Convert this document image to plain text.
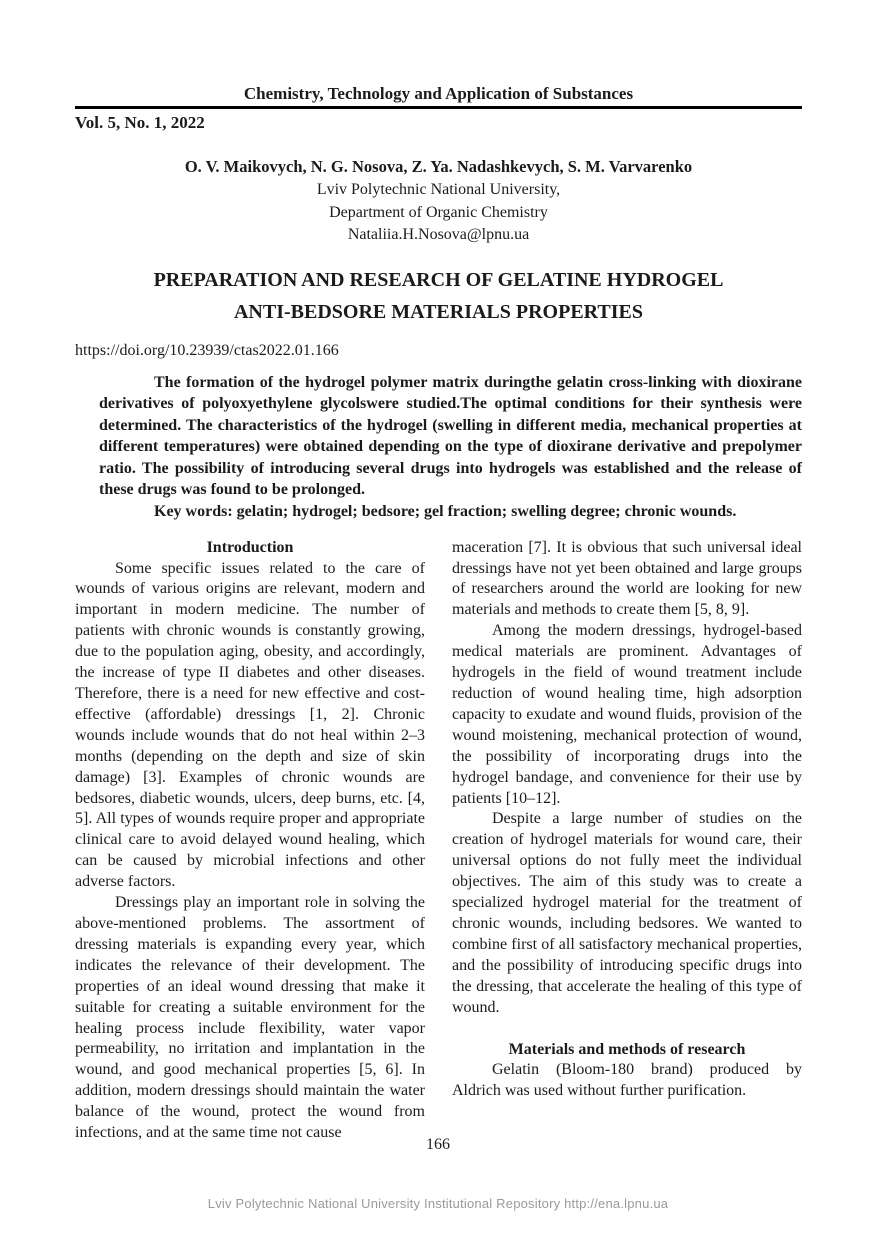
Chemistry, Technology and Application of Substances
Vol. 5, No. 1, 2022
O. V. Maikovych, N. G. Nosova, Z. Ya. Nadashkevych, S. M. Varvarenko
Lviv Polytechnic National University,
Department of Organic Chemistry
Nataliia.H.Nosova@lpnu.ua
PREPARATION AND RESEARCH OF GELATINE HYDROGEL
ANTI-BEDSORE MATERIALS PROPERTIES
https://doi.org/10.23939/ctas2022.01.166

The formation of the hydrogel polymer matrix duringthe gelatin cross-linking with dioxirane derivatives of polyoxyethylene glycolswere studied.The optimal conditions for their synthesis were determined. The characteristics of the hydrogel (swelling in different media, mechanical properties at different temperatures) were obtained depending on the type of dioxirane derivative and prepolymer ratio. The possibility of introducing several drugs into hydrogels was established and the release of these drugs was found to be prolonged.

Key words: gelatin; hydrogel; bedsore; gel fraction; swelling degree; chronic wounds.

Introduction

Some specific issues related to the care of wounds of various origins are relevant, modern and important in modern medicine. The number of patients with chronic wounds is constantly growing, due to the population aging, obesity, and accordingly, the increase of type II diabetes and other diseases. Therefore, there is a need for new effective and cost-effective (affordable) dressings [1, 2]. Chronic wounds include wounds that do not heal within 2–3 months (depending on the depth and size of skin damage) [3]. Examples of chronic wounds are bedsores, diabetic wounds, ulcers, deep burns, etc. [4, 5]. All types of wounds require proper and appropriate clinical care to avoid delayed wound healing, which can be caused by microbial infections and other adverse factors.

Dressings play an important role in solving the above-mentioned problems. The assortment of dressing materials is expanding every year, which indicates the relevance of their development. The properties of an ideal wound dressing that make it suitable for creating a suitable environment for the healing process include flexibility, water vapor permeability, no irritation and implantation in the wound, and good mechanical properties [5, 6]. In addition, modern dressings should maintain the water balance of the wound, protect the wound from infections, and at the same time not cause

maceration [7]. It is obvious that such universal ideal dressings have not yet been obtained and large groups of researchers around the world are looking for new materials and methods to create them [5, 8, 9].

Among the modern dressings, hydrogel-based medical materials are prominent. Advantages of hydrogels in the field of wound treatment include reduction of wound healing time, high adsorption capacity to exudate and wound fluids, provision of the wound moistening, mechanical protection of wound, the possibility of incorporating drugs into the hydrogel bandage, and convenience for their use by patients [10–12].

Despite a large number of studies on the creation of hydrogel materials for wound care, their universal options do not fully meet the individual objectives. The aim of this study was to create a specialized hydrogel material for the treatment of chronic wounds, including bedsores. We wanted to combine first of all satisfactory mechanical properties, and the possibility of introducing specific drugs into the dressing, that accelerate the healing of this type of wound.

Materials and methods of research

Gelatin (Bloom-180 brand) produced by Aldrich was used without further purification.

166
Lviv Polytechnic National University Institutional Repository http://ena.lpnu.ua
